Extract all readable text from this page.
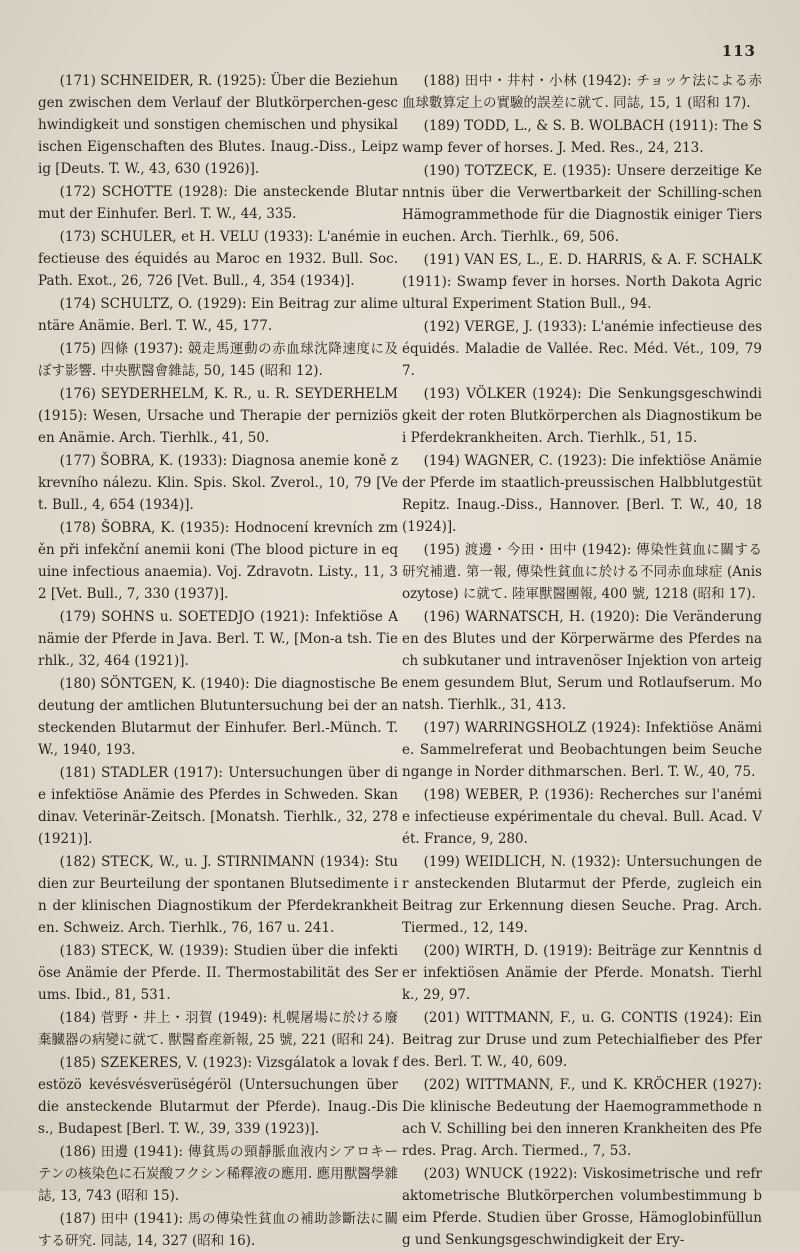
113

(171) SCHNEIDER, R. (1925): Über die Beziehungen zwischen dem Verlauf der Blutkörperchen-geschwindigkeit und sonstigen chemischen und physikalischen Eigenschaften des Blutes. Inaug.-Diss., Leipzig [Deuts. T. W., 43, 630 (1926)].

(172) SCHOTTE (1928): Die ansteckende Blutarmut der Einhufer. Berl. T. W., 44, 335.

(173) SCHULER, et H. VELU (1933): L'anémie infectieuse des équidés au Maroc en 1932. Bull. Soc. Path. Exot., 26, 726 [Vet. Bull., 4, 354 (1934)].

(174) SCHULTZ, O. (1929): Ein Beitrag zur alimentäre Anämie. Berl. T. W., 45, 177.

(175) 四條 (1937): 競走馬運動の赤血球沈降速度に及ぼす影響. 中央獸醫會雜誌, 50, 145 (昭和 12).

(176) SEYDERHELM, K. R., u. R. SEYDERHELM (1915): Wesen, Ursache und Therapie der perniziösen Anämie. Arch. Tierhlk., 41, 50.

(177) ŠOBRA, K. (1933): Diagnosa anemie koně z krevního nálezu. Klin. Spis. Skol. Zverol., 10, 79 [Vet. Bull., 4, 654 (1934)].

(178) ŠOBRA, K. (1935): Hodnocení krevních změn při infekční anemii koni (The blood picture in equine infectious anaemia). Voj. Zdravotn. Listy., 11, 32 [Vet. Bull., 7, 330 (1937)].

(179) SOHNS u. SOETEDJO (1921): Infektiöse Anämie der Pferde in Java. Berl. T. W., [Mon-a tsh. Tierhlk., 32, 464 (1921)].

(180) SÖNTGEN, K. (1940): Die diagnostische Bedeutung der amtlichen Blutuntersuchung bei der ansteckenden Blutarmut der Einhufer. Berl.-Münch. T. W., 1940, 193.

(181) STADLER (1917): Untersuchungen über die infektiöse Anämie des Pferdes in Schweden. Skandinav. Veterinär-Zeitsch. [Monatsh. Tierhlk., 32, 278 (1921)].

(182) STECK, W., u. J. STIRNIMANN (1934): Studien zur Beurteilung der spontanen Blutsedimente in der klinischen Diagnostikum der Pferdekrankheiten. Schweiz. Arch. Tierhlk., 76, 167 u. 241.

(183) STECK, W. (1939): Studien über die infektiöse Anämie der Pferde. II. Thermostabilität des Serums. Ibid., 81, 531.

(184) 菅野・井上・羽賀 (1949): 札幌屠場に於ける廢棄臓器の病變に就て. 獸醫畜産新報, 25 號, 221 (昭和 24).

(185) SZEKERES, V. (1923): Vizsgálatok a lovak festözö kevésvésverüségéröl (Untersuchungen über die ansteckende Blutarmut der Pferde). Inaug.-Diss., Budapest [Berl. T. W., 39, 339 (1923)].

(186) 田邊 (1941): 傳貧馬の頸靜脈血液内シアロキーテンの核染色に石炭酸フクシン稀釋液の應用. 應用獸醫學雜誌, 13, 743 (昭和 15).

(187) 田中 (1941): 馬の傳染性貧血の補助診斷法に關する研究. 同誌, 14, 327 (昭和 16).

(188) 田中・井村・小林 (1942): チョッケ法による赤血球數算定上の實驗的誤差に就て. 同誌, 15, 1 (昭和 17).

(189) TODD, L., & S. B. WOLBACH (1911): The Swamp fever of horses. J. Med. Res., 24, 213.

(190) TOTZECK, E. (1935): Unsere derzeitige Kenntnis über die Verwertbarkeit der Schilling-schen Hämogrammethode für die Diagnostik einiger Tierseuchen. Arch. Tierhlk., 69, 506.

(191) VAN ES, L., E. D. HARRIS, & A. F. SCHALK (1911): Swamp fever in horses. North Dakota Agricultural Experiment Station Bull., 94.

(192) VERGE, J. (1933): L'anémie infectieuse des équidés. Maladie de Vallée. Rec. Méd. Vét., 109, 797.

(193) VÖLKER (1924): Die Senkungsgeschwindigkeit der roten Blutkörperchen als Diagnostikum bei Pferdekrankheiten. Arch. Tierhlk., 51, 15.

(194) WAGNER, C. (1923): Die infektiöse Anämie der Pferde im staatlich-preussischen Halbblutgestüt Repitz. Inaug.-Diss., Hannover. [Berl. T. W., 40, 18 (1924)].

(195) 渡邊・今田・田中 (1942): 傳染性貧血に關する研究補遺. 第一報, 傳染性貧血に於ける不同赤血球症 (Anisozytose) に就て. 陸軍獸醫團報, 400 號, 1218 (昭和 17).

(196) WARNATSCH, H. (1920): Die Veränderungen des Blutes und der Körperwärme des Pferdes nach subkutaner und intravenöser Injektion von arteigenem gesundem Blut, Serum und Rotlaufserum. Monatsh. Tierhlk., 31, 413.

(197) WARRINGSHOLZ (1924): Infektiöse Anämie. Sammelreferat und Beobachtungen beim Seuchengange in Norder dithmarschen. Berl. T. W., 40, 75.

(198) WEBER, P. (1936): Recherches sur l'anémie infectieuse expérimentale du cheval. Bull. Acad. Vét. France, 9, 280.

(199) WEIDLICH, N. (1932): Untersuchungen der ansteckenden Blutarmut der Pferde, zugleich ein Beitrag zur Erkennung diesen Seuche. Prag. Arch. Tiermed., 12, 149.

(200) WIRTH, D. (1919): Beiträge zur Kenntnis der infektiösen Anämie der Pferde. Monatsh. Tierhlk., 29, 97.

(201) WITTMANN, F., u. G. CONTIS (1924): Ein Beitrag zur Druse und zum Petechialfieber des Pferdes. Berl. T. W., 40, 609.

(202) WITTMANN, F., und K. KRÖCHER (1927): Die klinische Bedeutung der Haemogrammethode nach V. Schilling bei den inneren Krankheiten des Pferdes. Prag. Arch. Tiermed., 7, 53.

(203) WNUCK (1922): Viskosimetrische und refraktometrische Blutkörperchen volumbestimmung beim Pferde. Studien über Grosse, Hämoglobinfüllung und Senkungsgeschwindigkeit der Ery-
